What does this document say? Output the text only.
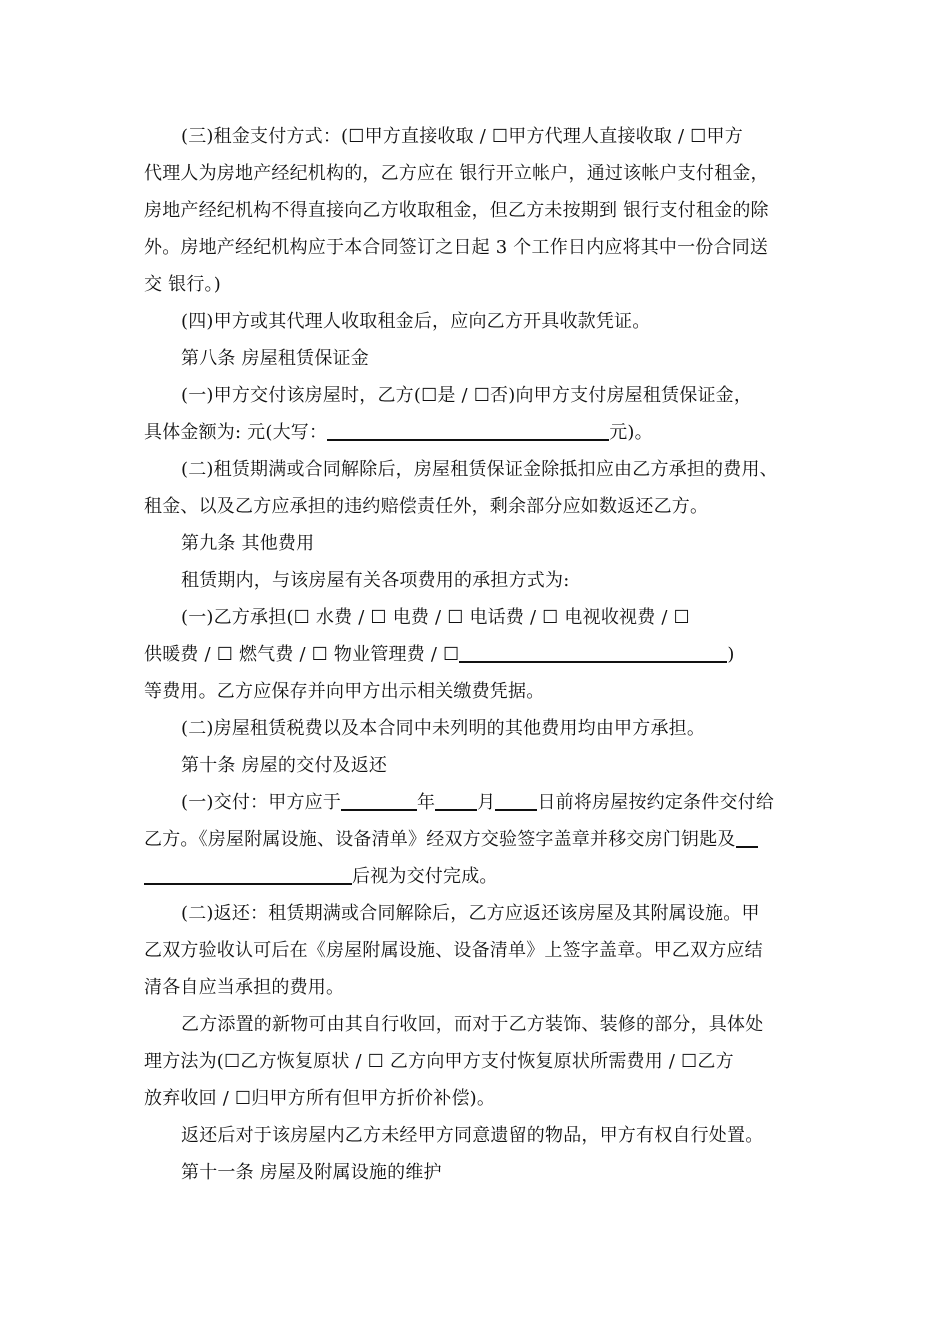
(三)租金支付方式：(☐甲方直接收取 / ☐甲方代理人直接收取 / ☐甲方
代理人为房地产经纪机构的，乙方应在 银行开立帐户，通过该帐户支付租金，
房地产经纪机构不得直接向乙方收取租金，但乙方未按期到 银行支付租金的除
外。房地产经纪机构应于本合同签订之日起 3 个工作日内应将其中一份合同送
交 银行。)
(四)甲方或其代理人收取租金后，应向乙方开具收款凭证。
第八条 房屋租赁保证金
(一)甲方交付该房屋时，乙方(☐是 / ☐否)向甲方支付房屋租赁保证金，
具体金额为: 元(大写：	元)。
(二)租赁期满或合同解除后，房屋租赁保证金除抵扣应由乙方承担的费用、
租金、以及乙方应承担的违约赔偿责任外，剩余部分应如数返还乙方。
第九条 其他费用
租赁期内，与该房屋有关各项费用的承担方式为:
(一)乙方承担(☐ 水费 / ☐ 电费 / ☐ 电话费 / ☐ 电视收视费 / ☐
供暖费 / ☐ 燃气费 / ☐ 物业管理费 / ☐	)
等费用。乙方应保存并向甲方出示相关缴费凭据。
(二)房屋租赁税费以及本合同中未列明的其他费用均由甲方承担。
第十条 房屋的交付及返还
(一)交付：甲方应于	年 月 日前将房屋按约定条件交付给
乙方。《房屋附属设施、设备清单》经双方交验签字盖章并移交房门钥匙及
后视为交付完成。
(二)返还：租赁期满或合同解除后，乙方应返还该房屋及其附属设施。甲
乙双方验收认可后在《房屋附属设施、设备清单》上签字盖章。甲乙双方应结
清各自应当承担的费用。
乙方添置的新物可由其自行收回，而对于乙方装饰、装修的部分，具体处
理方法为(☐乙方恢复原状 / ☐ 乙方向甲方支付恢复原状所需费用 / ☐乙方
放弃收回 / ☐归甲方所有但甲方折价补偿)。
返还后对于该房屋内乙方未经甲方同意遗留的物品，甲方有权自行处置。
第十一条 房屋及附属设施的维护
